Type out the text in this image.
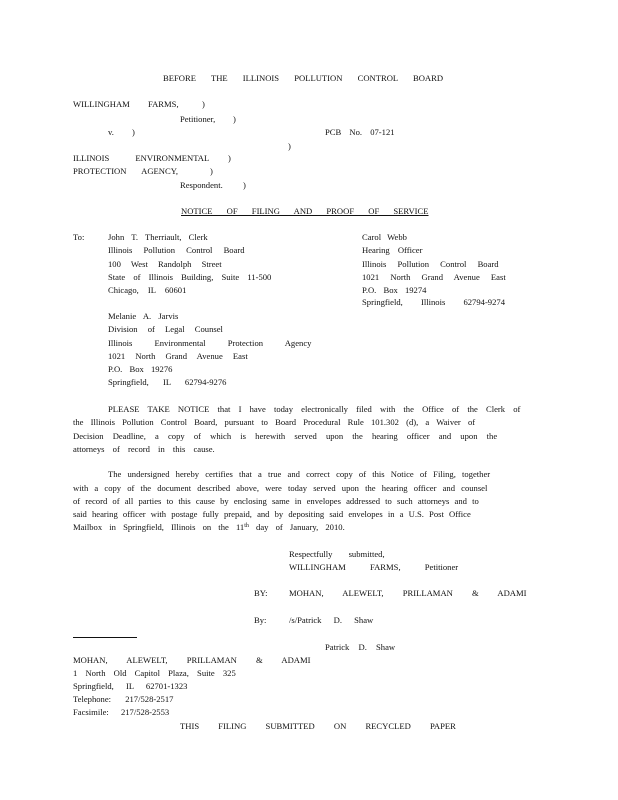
BEFORE THE ILLINOIS POLLUTION CONTROL BOARD
WILLINGHAM FARMS,	)
Petitioner, )
v. )	PCB No. 07-121
)
ILLINOIS ENVIRONMENTAL )
PROTECTION AGENCY,	)
Respondent. )
NOTICE OF FILING AND PROOF OF SERVICE
To:	John T. Therriault, Clerk
Illinois Pollution Control Board
100 West Randolph Street
State of Illinois Building, Suite 11-500
Chicago, IL 60601
Carol Webb
Hearing Officer
Illinois Pollution Control Board
1021 North Grand Avenue East
P.O. Box 19274
Springfield, Illinois 62794-9274
Melanie A. Jarvis
Division of Legal Counsel
Illinois Environmental Protection Agency
1021 North Grand Avenue East
P.O. Box 19276
Springfield, IL 62794-9276
PLEASE TAKE NOTICE that I have today electronically filed with the Office of the Clerk of
the Illinois Pollution Control Board, pursuant to Board Procedural Rule 101.302 (d), a Waiver of
Decision Deadline, a copy of which is herewith served upon the hearing officer and upon the
attorneys of record in this cause.
The undersigned hereby certifies that a true and correct copy of this Notice of Filing, together
with a copy of the document described above, were today served upon the hearing officer and counsel
of record of all parties to this cause by enclosing same in envelopes addressed to such attorneys and to
said hearing officer with postage fully prepaid, and by depositing said envelopes in a U.S. Post Office
Mailbox in Springfield, Illinois on the 11th day of January, 2010.
Respectfully submitted,
WILLINGHAM FARMS, Petitioner
BY: MOHAN, ALEWELT, PRILLAMAN & ADAMI
By:	/s/Patrick D. Shaw
Patrick D. Shaw
MOHAN, ALEWELT, PRILLAMAN & ADAMI
1 North Old Capitol Plaza, Suite 325
Springfield, IL 62701-1323
Telephone: 217/528-2517
Facsimile: 217/528-2553
THIS FILING SUBMITTED ON RECYCLED PAPER
